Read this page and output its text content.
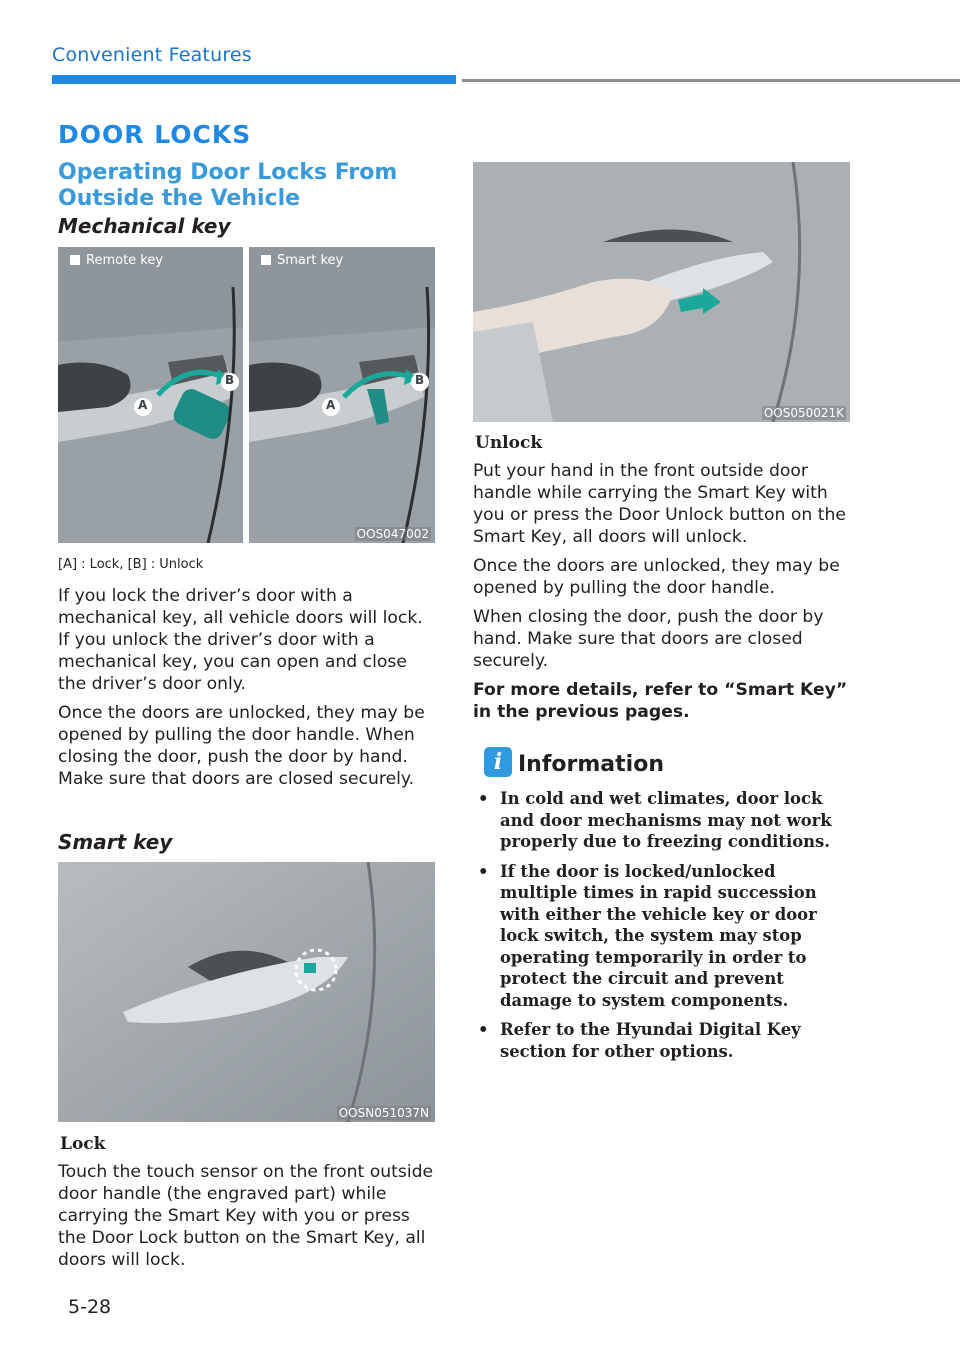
Convenient Features
DOOR LOCKS
Operating Door Locks From Outside the Vehicle
Mechanical key
A
B
Remote key
A
B
Smart key
OOS047002
[A] : Lock, [B] : Unlock

If you lock the driver’s door with a mechanical key, all vehicle doors will lock. If you unlock the driver’s door with a mechanical key, you can open and close the driver’s door only.

Once the doors are unlocked, they may be opened by pulling the door handle. When closing the door, push the door by hand. Make sure that doors are closed securely.

Smart key
OOSN051037N
Lock

Touch the touch sensor on the front outside door handle (the engraved part) while carrying the Smart Key with you or press the Door Lock button on the Smart Key, all doors will lock.

OOS050021K
Unlock

Put your hand in the front outside door handle while carrying the Smart Key with you or press the Door Unlock button on the Smart Key, all doors will unlock.

Once the doors are unlocked, they may be opened by pulling the door handle.

When closing the door, push the door by hand. Make sure that doors are closed securely.

For more details, refer to “Smart Key” in the previous pages.

i Information
• In cold and wet climates, door lock and door mechanisms may not work properly due to freezing conditions.
• If the door is locked/unlocked multiple times in rapid succession with either the vehicle key or door lock switch, the system may stop operating temporarily in order to protect the circuit and prevent damage to system components.
• Refer to the Hyundai Digital Key section for other options.
5-28
